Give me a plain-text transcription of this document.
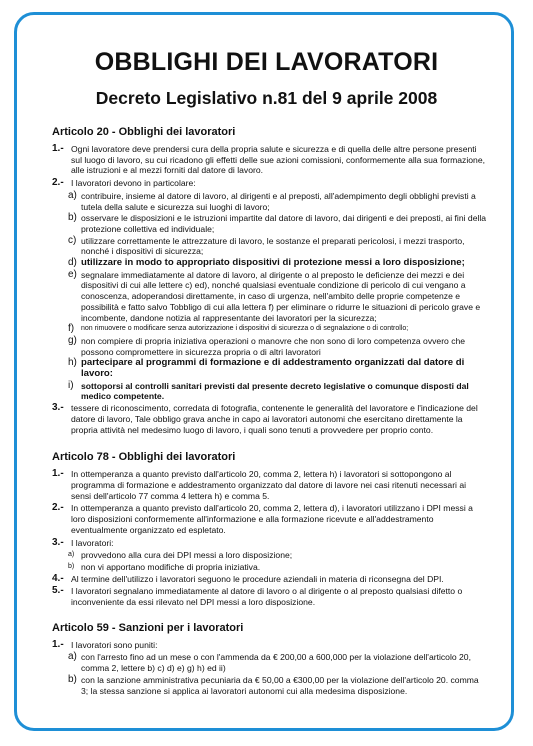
OBBLIGHI DEI LAVORATORI
Decreto Legislativo n.81 del 9 aprile 2008
Articolo 20 - Obblighi dei lavoratori
1.- Ogni lavoratore deve prendersi cura della propria salute e sicurezza e di quella delle altre persone presenti sul luogo di lavoro, su cui ricadono gli effetti delle sue azioni comissioni, conformemente alla sua formazione, alle istruzioni e al mezzi forniti dal datore di lavoro.
2.- I lavoratori devono in particolare:
a) contribuire, insieme al datore di lavoro, al dirigenti e al preposti, all'adempimento degli obblighi previsti a tutela della salute e sicurezza sui luoghi di lavoro;
b) osservare le disposizioni e le istruzioni impartite dal datore di lavoro, dai dirigenti e dei preposti, ai fini della protezione collettiva ed individuale;
c) utilizzare correttamente le attrezzature di lavoro, le sostanze el preparati pericolosi, i mezzi trasporto, nonché i dispositivi di sicurezza;
d) utilizzare in modo to appropriato dispositivi di protezione messi a loro disposizione;
e) segnalare immediatamente al datore di lavoro, al dirigente o al preposto le deficienze dei mezzi e dei dispositivi di cui alle lettere c) ed), nonché qualsiasi eventuale condizione di pericolo di cui vengano a conoscenza, adoperandosi direttamente, in caso di urgenza, nell'ambito delle proprie competenze e possibilità e fatto salvo Tobbligo di cui alla lettera f) per eliminare o ridurre le situazioni di pericolo grave e incombente, dandone notizia al rappresentante dei lavoratori per la sicurezza;
f) non rimuovere o modificare senza autorizzazione i dispositivi di sicurezza o di segnalazione o di controllo;
g) non compiere di propria iniziativa operazioni o manovre che non sono di loro competenza ovvero che possono compromettere in sicurezza propria o di altri lavoratori
h) partecipare al programmi di formazione e di addestramento organizzati dal datore di lavoro:
i) sottoporsi al controlli sanitari previsti dal presente decreto legislative o comunque disposti dal medico competente.
3.- tessere di riconoscimento, corredata di fotografia, contenente le generalità del lavoratore e l'indicazione del datore di lavoro, Tale obbligo grava anche in capo ai lavoratori autonomi che esercitano direttamente la propria attività nel medesimo luogo di lavoro, i quali sono tenuti a provvedere per proprio conto.
Articolo 78 - Obblighi dei lavoratori
1.- In ottemperanza a quanto previsto dall'articolo 20, comma 2, lettera h) i lavoratori si sottopongono al programma di formazione e addestramento organizzato dal datore di lavore nei casi ritenuti necessari ai sensi dell'articolo 77 comma 4 lettera h) e comma 5.
2.- In ottemperanza a quanto previsto dall'articolo 20, comma 2, lettera d), i lavoratori utilizzano i DPI messi a loro disposizioni conformemente all'informazione e alla formazione ricevute e all'addestramento eventualmente organizzato ed espletato.
3.- I lavoratori:
a) provvedono alla cura dei DPI messi a loro disposizione;
b) non vi apportano modifiche di propria iniziativa.
4.- Al termine dell'utilizzo i lavoratori seguono le procedure aziendali in materia di riconsegna del DPI.
5.- I lavoratori segnalano immediatamente al datore di lavoro o al dirigente o al preposto qualsiasi difetto o inconveniente da essi rilevato nel DPI messi a loro disposizione.
Articolo 59 - Sanzioni per i lavoratori
1.- I lavoratori sono puniti:
a) con l'arresto fino ad un mese o con l'ammenda da € 200,00 a 600,000 per la violazione dell'articolo 20, comma 2, lettere b) c) d) e) g) h) ed ii)
b) con la sanzione amministrativa pecuniaria da € 50,00 a €300,00 per la violazione dell'articolo 20. comma 3; la stessa sanzione si applica ai lavoratori autonomi cui alla medesima disposizione.
